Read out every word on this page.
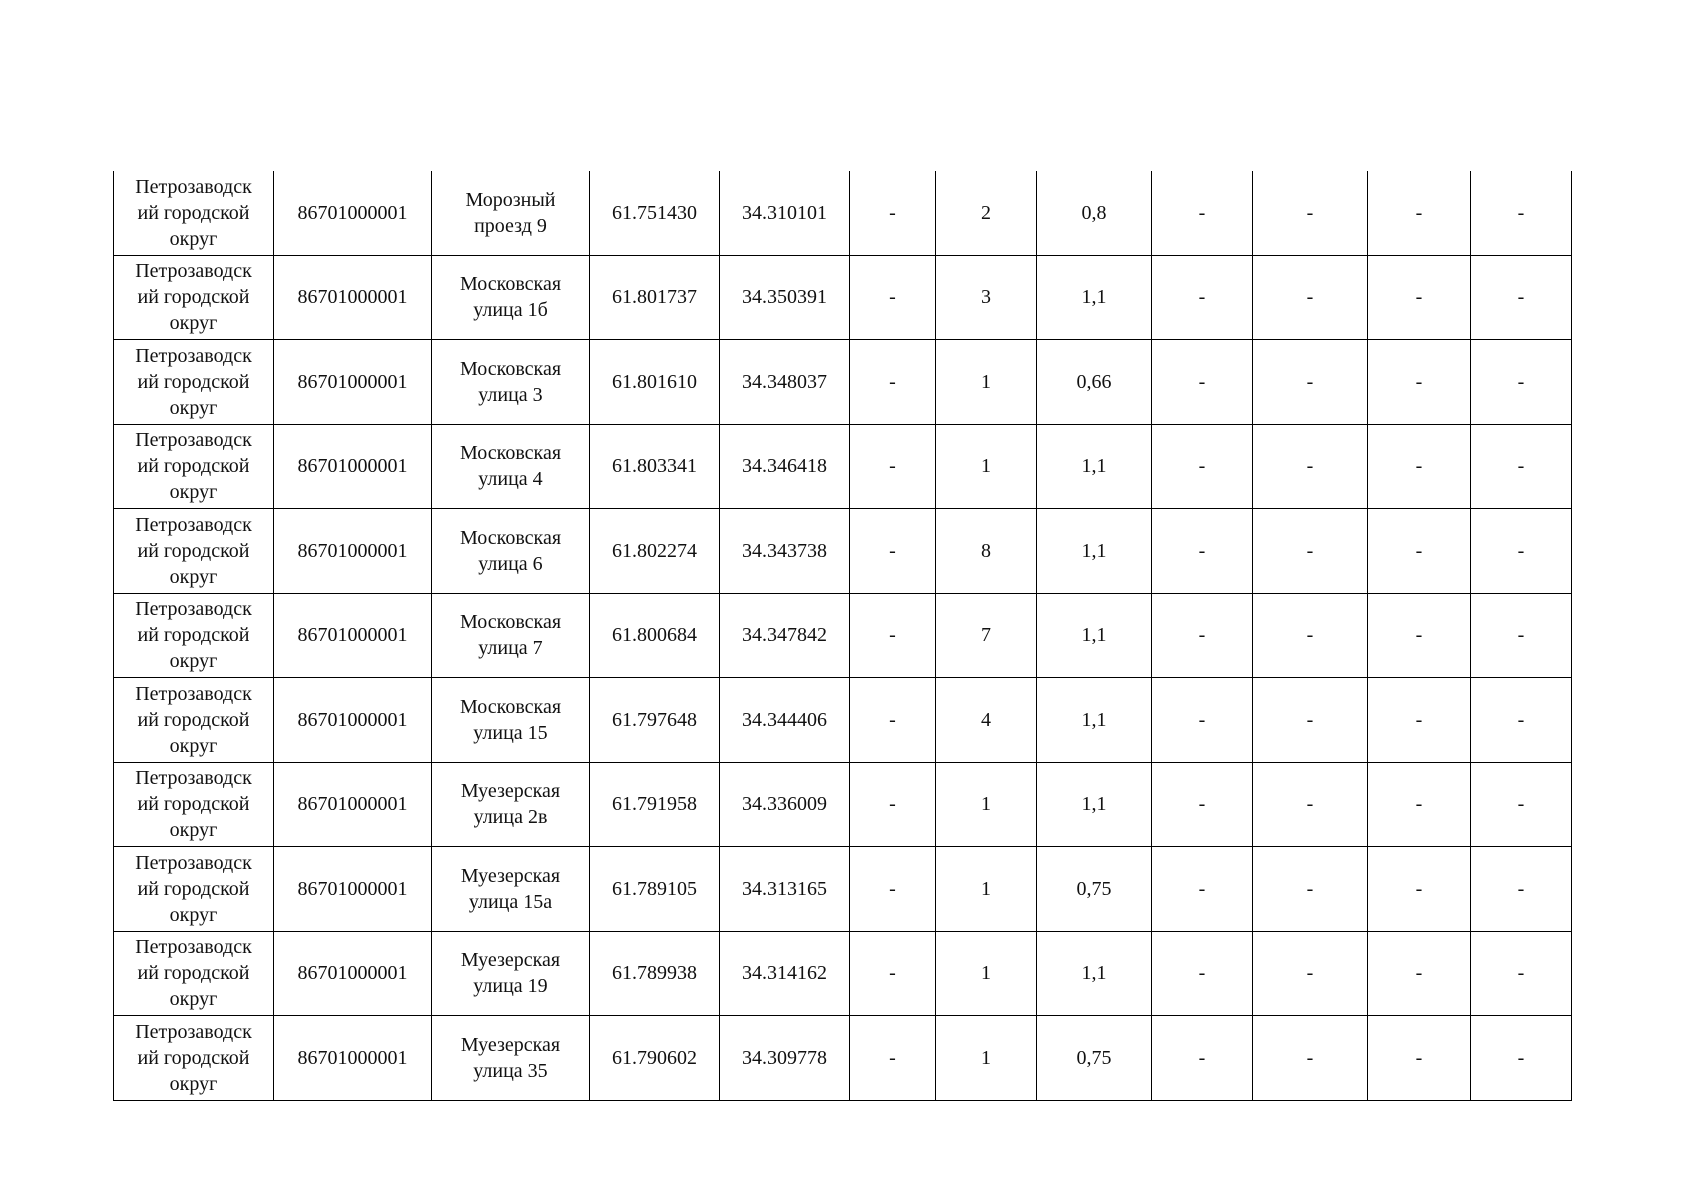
Петрозаводск
ий городской
округ	86701000001	Морозный
проезд 9	61.751430	34.310101	-	2	0,8	-	-	-	-

Петрозаводск
ий городской
округ	86701000001	Московская
улица 1б	61.801737	34.350391	-	3	1,1	-	-	-	-

Петрозаводск
ий городской
округ	86701000001	Московская
улица 3	61.801610	34.348037	-	1	0,66	-	-	-	-

Петрозаводск
ий городской
округ	86701000001	Московская
улица 4	61.803341	34.346418	-	1	1,1	-	-	-	-

Петрозаводск
ий городской
округ	86701000001	Московская
улица 6	61.802274	34.343738	-	8	1,1	-	-	-	-

Петрозаводск
ий городской
округ	86701000001	Московская
улица 7	61.800684	34.347842	-	7	1,1	-	-	-	-

Петрозаводск
ий городской
округ	86701000001	Московская
улица 15	61.797648	34.344406	-	4	1,1	-	-	-	-

Петрозаводск
ий городской
округ	86701000001	Муезерская
улица 2в	61.791958	34.336009	-	1	1,1	-	-	-	-

Петрозаводск
ий городской
округ	86701000001	Муезерская
улица 15а	61.789105	34.313165	-	1	0,75	-	-	-	-

Петрозаводск
ий городской
округ	86701000001	Муезерская
улица 19	61.789938	34.314162	-	1	1,1	-	-	-	-

Петрозаводск
ий городской
округ	86701000001	Муезерская
улица 35	61.790602	34.309778	-	1	0,75	-	-	-	-
